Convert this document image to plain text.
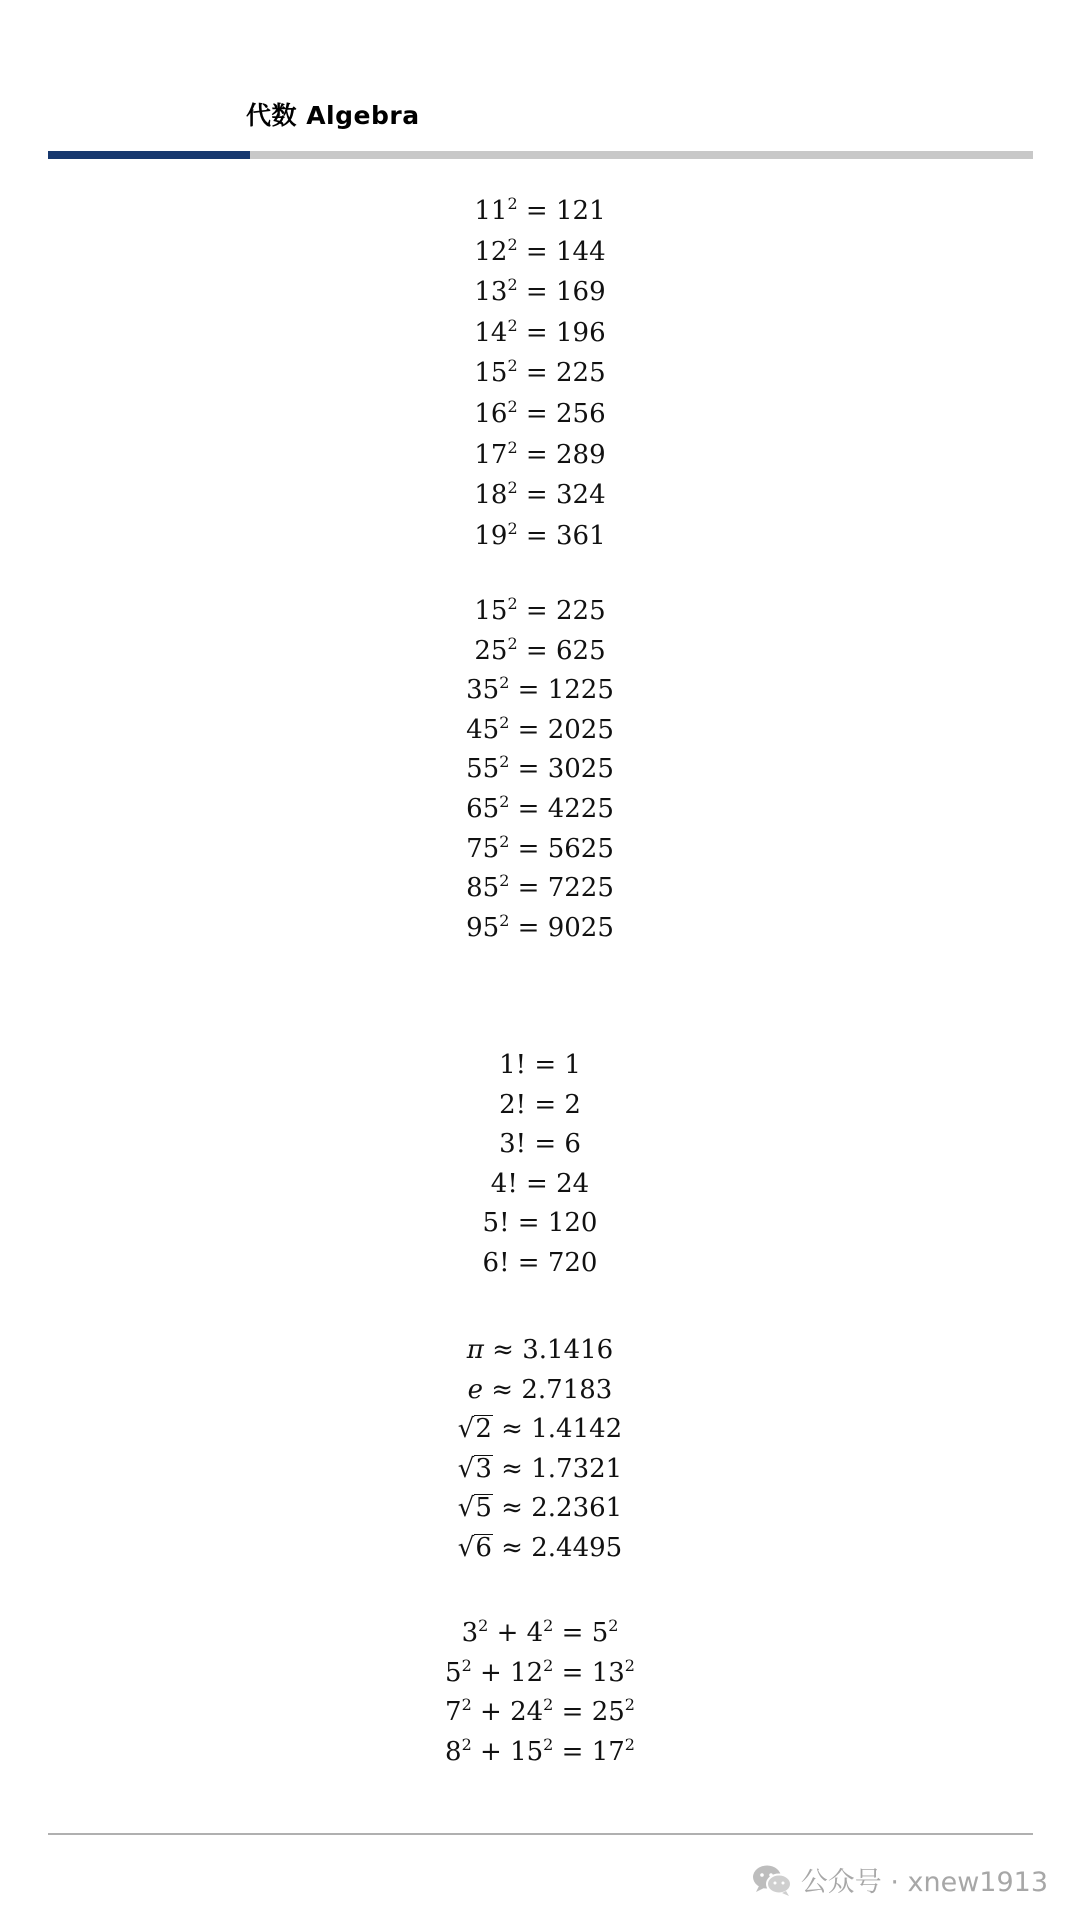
代数 Algebra
$11^2 = 121$
$12^2 = 144$
$13^2 = 169$
$14^2 = 196$
$15^2 = 225$
$16^2 = 256$
$17^2 = 289$
$18^2 = 324$
$19^2 = 361$
$15^2 = 225$
$25^2 = 625$
$35^2 = 1225$
$45^2 = 2025$
$55^2 = 3025$
$65^2 = 4225$
$75^2 = 5625$
$85^2 = 7225$
$95^2 = 9025$
1! = 1
2! = 2
3! = 6
4! = 24
5! = 120
6! = 720
π ≈ 3.1416
e ≈ 2.7183
√2 ≈ 1.4142
√3 ≈ 1.7321
√5 ≈ 2.2361
√6 ≈ 2.4495
$3^2 + 4^2 = 5^2$
$5^2 + 12^2 = 13^2$
$7^2 + 24^2 = 25^2$
$8^2 + 15^2 = 17^2$
公众号 · xnew1913
